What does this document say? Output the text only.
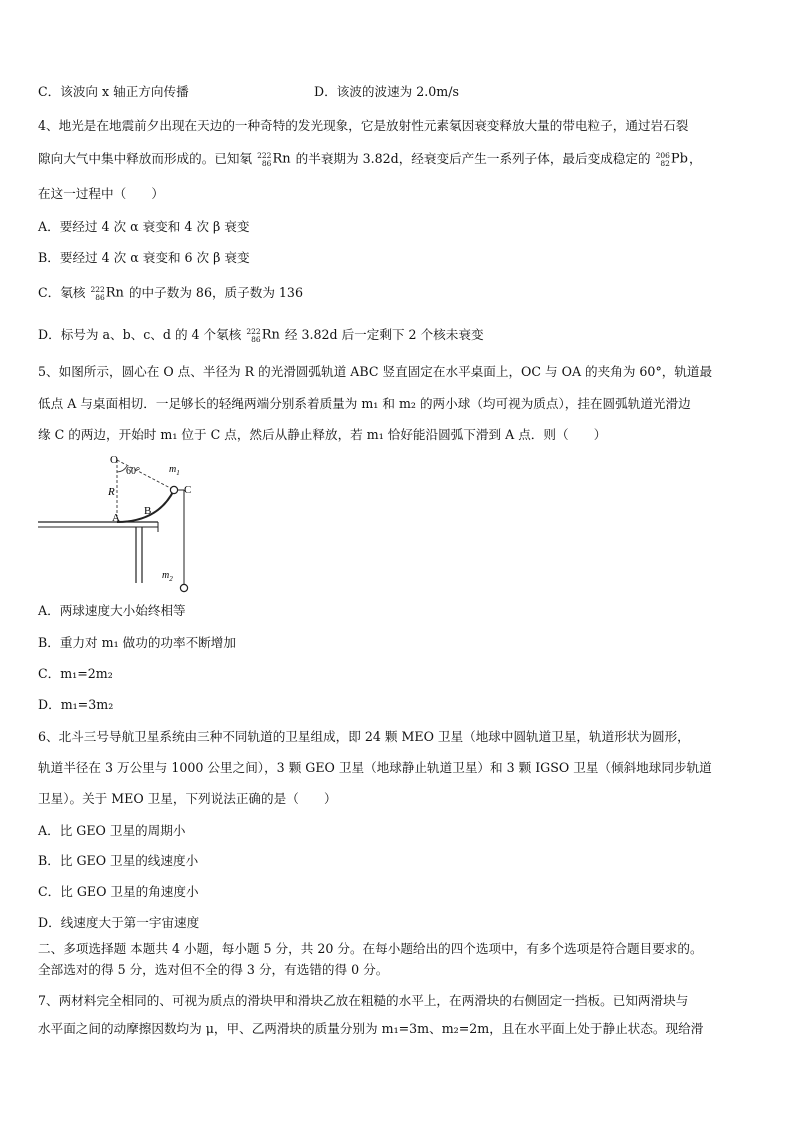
C．该波向 x 轴正方向传播	D．该波的波速为 2.0m/s
4、地光是在地震前夕出现在天边的一种奇特的发光现象，它是放射性元素氡因衰变释放大量的带电粒子，通过岩石裂
隙向大气中集中释放而形成的。已知氡 222
86 Rn 的半衰期为 3.82d，经衰变后产生一系列子体，最后变成稳定的 206
82 Pb，
在这一过程中（　　）
A．要经过 4 次 α 衰变和 4 次 β 衰变
B．要经过 4 次 α 衰变和 6 次 β 衰变
C．氡核 222
86 Rn 的中子数为 86，质子数为 136
D．标号为 a、b、c、d 的 4 个氡核 222
86 Rn 经 3.82d 后一定剩下 2 个核未衰变
5、如图所示，圆心在 O 点、半径为 R 的光滑圆弧轨道 ABC 竖直固定在水平桌面上，OC 与 OA 的夹角为 60°，轨道最
低点 A 与桌面相切．一足够长的轻绳两端分别系着质量为 m₁ 和 m₂ 的两小球（均可视为质点），挂在圆弧轨道光滑边
缘 C 的两边，开始时 m₁ 位于 C 点，然后从静止释放，若 m₁ 恰好能沿圆弧下滑到 A 点．则（　　）
O
60°	$m_1$
R	C
A
B
$m_2$
A．两球速度大小始终相等
B．重力对 m₁ 做功的功率不断增加
C．m₁=2m₂
D．m₁=3m₂
6、北斗三号导航卫星系统由三种不同轨道的卫星组成，即 24 颗 MEO 卫星（地球中圆轨道卫星，轨道形状为圆形，
轨道半径在 3 万公里与 1000 公里之间），3 颗 GEO 卫星（地球静止轨道卫星）和 3 颗 IGSO 卫星（倾斜地球同步轨道
卫星）。关于 MEO 卫星，下列说法正确的是（　　）
A．比 GEO 卫星的周期小
B．比 GEO 卫星的线速度小
C．比 GEO 卫星的角速度小
D．线速度大于第一宇宙速度
二、多项选择题 本题共 4 小题，每小题 5 分，共 20 分。在每小题给出的四个选项中，有多个选项是符合题目要求的。
全部选对的得 5 分，选对但不全的得 3 分，有选错的得 0 分。
7、两材料完全相同的、可视为质点的滑块甲和滑块乙放在粗糙的水平上，在两滑块的右侧固定一挡板。已知两滑块与
水平面之间的动摩擦因数均为 μ，甲、乙两滑块的质量分别为 m₁=3m、m₂=2m，且在水平面上处于静止状态。现给滑
